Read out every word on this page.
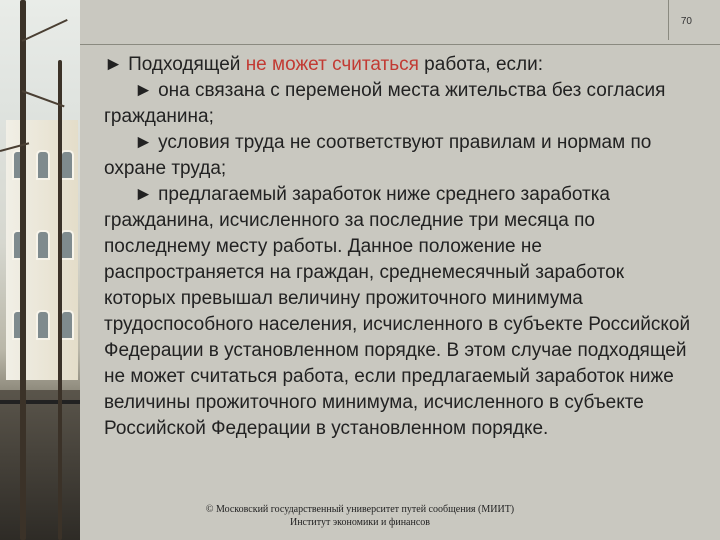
70

► Подходящей не может считаться работа, если:

► она связана с переменой места жительства без согласия гражданина;

► условия труда не соответствуют правилам и нормам по охране труда;

► предлагаемый заработок ниже среднего заработка гражданина, исчисленного за последние три месяца по последнему месту работы. Данное положение не распространяется на граждан, среднемесячный заработок которых превышал величину прожиточного минимума трудоспособного населения, исчисленного в субъекте Российской Федерации в установленном порядке. В этом случае подходящей не может считаться работа, если предлагаемый заработок ниже величины прожиточного минимума, исчисленного в субъекте Российской Федерации в установленном порядке.

© Московский государственный университет путей сообщения (МИИТ)
Институт экономики и финансов
